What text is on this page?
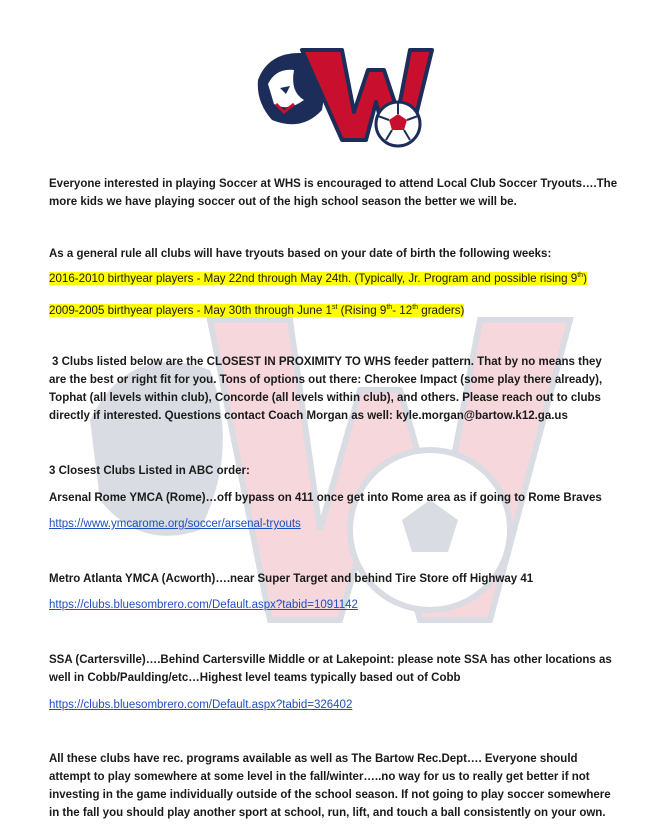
Everyone interested in playing Soccer at WHS is encouraged to attend Local Club Soccer Tryouts….The more kids we have playing soccer out of the high school season the better we will be.

As a general rule all clubs will have tryouts based on your date of birth the following weeks:

2016-2010 birthyear players - May 22nd through May 24th. (Typically, Jr. Program and possible rising 9th)

2009-2005 birthyear players - May 30th through June 1st (Rising 9th- 12th graders)

3 Clubs listed below are the CLOSEST IN PROXIMITY TO WHS feeder pattern. That by no means they are the best or right fit for you. Tons of options out there: Cherokee Impact (some play there already), Tophat (all levels within club), Concorde (all levels within club), and others. Please reach out to clubs directly if interested. Questions contact Coach Morgan as well: kyle.morgan@bartow.k12.ga.us

3 Closest Clubs Listed in ABC order:

Arsenal Rome YMCA (Rome)…off bypass on 411 once get into Rome area as if going to Rome Braves

https://www.ymcarome.org/soccer/arsenal-tryouts

Metro Atlanta YMCA (Acworth)….near Super Target and behind Tire Store off Highway 41

https://clubs.bluesombrero.com/Default.aspx?tabid=1091142

SSA (Cartersville)….Behind Cartersville Middle or at Lakepoint: please note SSA has other locations as well in Cobb/Paulding/etc…Highest level teams typically based out of Cobb

https://clubs.bluesombrero.com/Default.aspx?tabid=326402

All these clubs have rec. programs available as well as The Bartow Rec.Dept…. Everyone should attempt to play somewhere at some level in the fall/winter…..no way for us to really get better if not investing in the game individually outside of the school season. If not going to play soccer somewhere in the fall you should play another sport at school, run, lift, and touch a ball consistently on your own.
